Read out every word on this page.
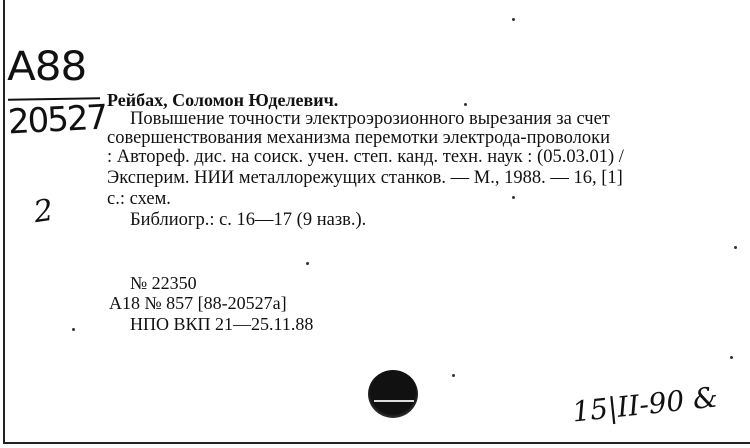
A88
20527
2
Рейбах, Соломон Юделевич.
Повышение точности электроэрозионного вырезания за счет
совершенствования механизма перемотки электрода-проволоки
: Автореф. дис. на соиск. учен. степ. канд. техн. наук : (05.03.01) /
Эксперим. НИИ металлорежущих станков. — М., 1988. — 16, [1]
с.: схем.
Библиогр.: с. 16—17 (9 назв.).
№ 22350
А18 № 857 [88-20527а]
НПО ВКП 21—25.11.88
15|II-90 &
